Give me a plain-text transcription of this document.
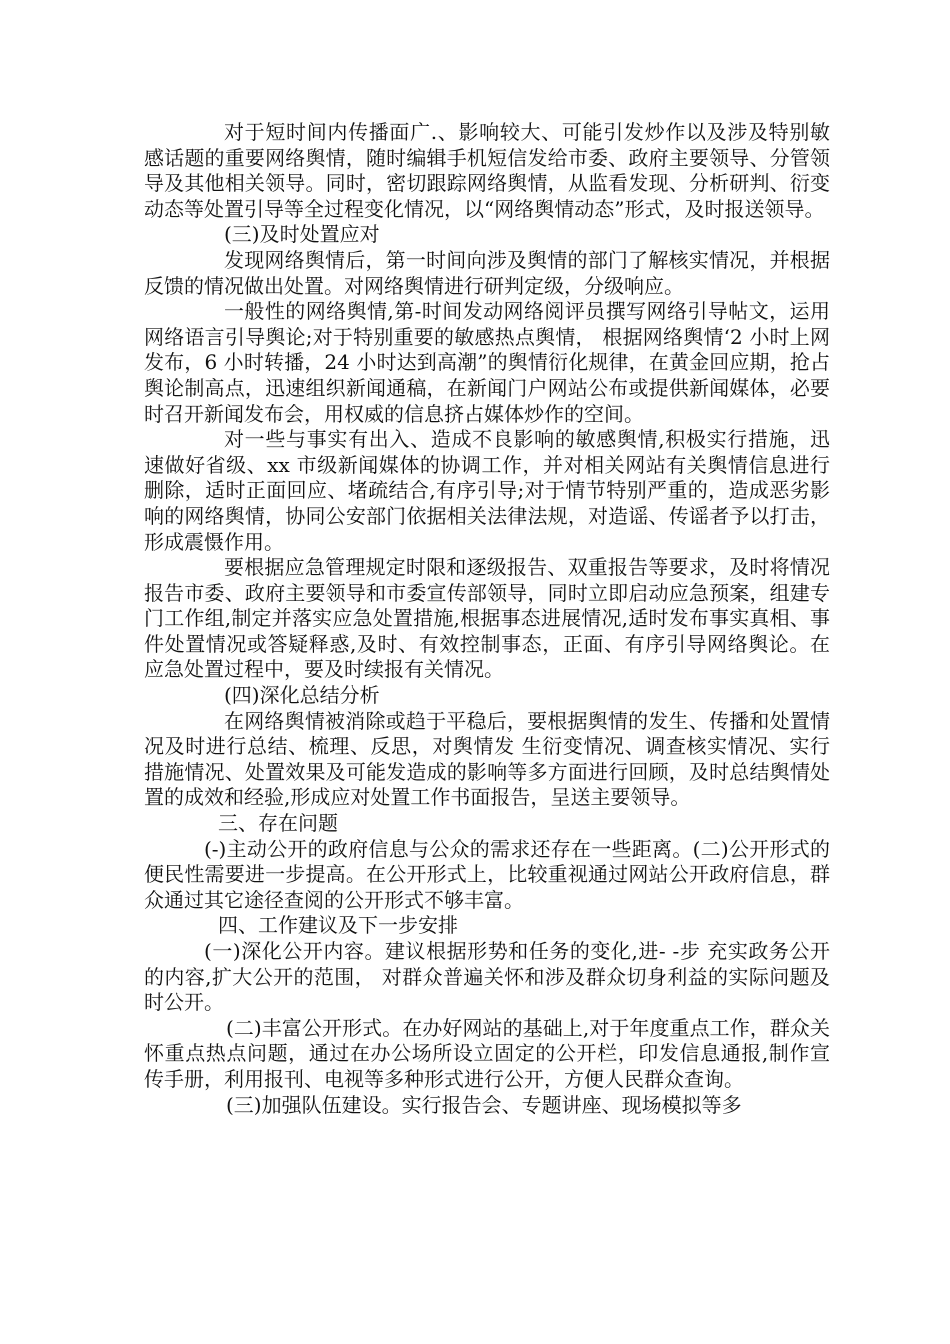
对于短时间内传播面广.、影响较大、可能引发炒作以及涉及特别敏感话题的重要网络舆情，随时编辑手机短信发给市委、政府主要领导、分管领导及其他相关领导。同时，密切跟踪网络舆情，从监看发现、分析研判、衍变动态等处置引导等全过程变化情况，以“网络舆情动态”形式，及时报送领导。

(三)及时处置应对

发现网络舆情后，第一时间向涉及舆情的部门了解核实情况，并根据反馈的情况做出处置。对网络舆情进行研判定级，分级响应。

一般性的网络舆情,第-时间发动网络阅评员撰写网络引导帖文，运用网络语言引导舆论;对于特别重要的敏感热点舆情， 根据网络舆情‘2 小时上网发布，6 小时转播，24 小时达到高潮”的舆情衍化规律，在黄金回应期，抢占舆论制高点，迅速组织新闻通稿，在新闻门户网站公布或提供新闻媒体，必要时召开新闻发布会，用权威的信息挤占媒体炒作的空间。

对一些与事实有出入、造成不良影响的敏感舆情,积极实行措施，迅速做好省级、xx 市级新闻媒体的协调工作，并对相关网站有关舆情信息进行删除，适时正面回应、堵疏结合,有序引导;对于情节特别严重的，造成恶劣影响的网络舆情，协同公安部门依据相关法律法规，对造谣、传谣者予以打击，形成震慑作用。

要根据应急管理规定时限和逐级报告、双重报告等要求，及时将情况报告市委、政府主要领导和市委宣传部领导，同时立即启动应急预案，组建专门工作组,制定并落实应急处置措施,根据事态进展情况,适时发布事实真相、事件处置情况或答疑释惑,及时、有效控制事态，正面、有序引导网络舆论。在应急处置过程中，要及时续报有关情况。

(四)深化总结分析

在网络舆情被消除或趋于平稳后，要根据舆情的发生、传播和处置情况及时进行总结、梳理、反思，对舆情发 生衍变情况、调查核实情况、实行措施情况、处置效果及可能发造成的影响等多方面进行回顾，及时总结舆情处置的成效和经验,形成应对处置工作书面报告，呈送主要领导。

三、存在问题

(-)主动公开的政府信息与公众的需求还存在一些距离。(二)公开形式的便民性需要进一步提高。在公开形式上，比较重视通过网站公开政府信息，群众通过其它途径查阅的公开形式不够丰富。

四、工作建议及下一步安排

(一)深化公开内容。建议根据形势和任务的变化,进- -步 充实政务公开的内容,扩大公开的范围， 对群众普遍关怀和涉及群众切身利益的实际问题及时公开。

(二)丰富公开形式。在办好网站的基础上,对于年度重点工作，群众关怀重点热点问题，通过在办公场所设立固定的公开栏，印发信息通报,制作宣传手册，利用报刊、电视等多种形式进行公开，方便人民群众查询。

(三)加强队伍建设。实行报告会、专题讲座、现场模拟等多
